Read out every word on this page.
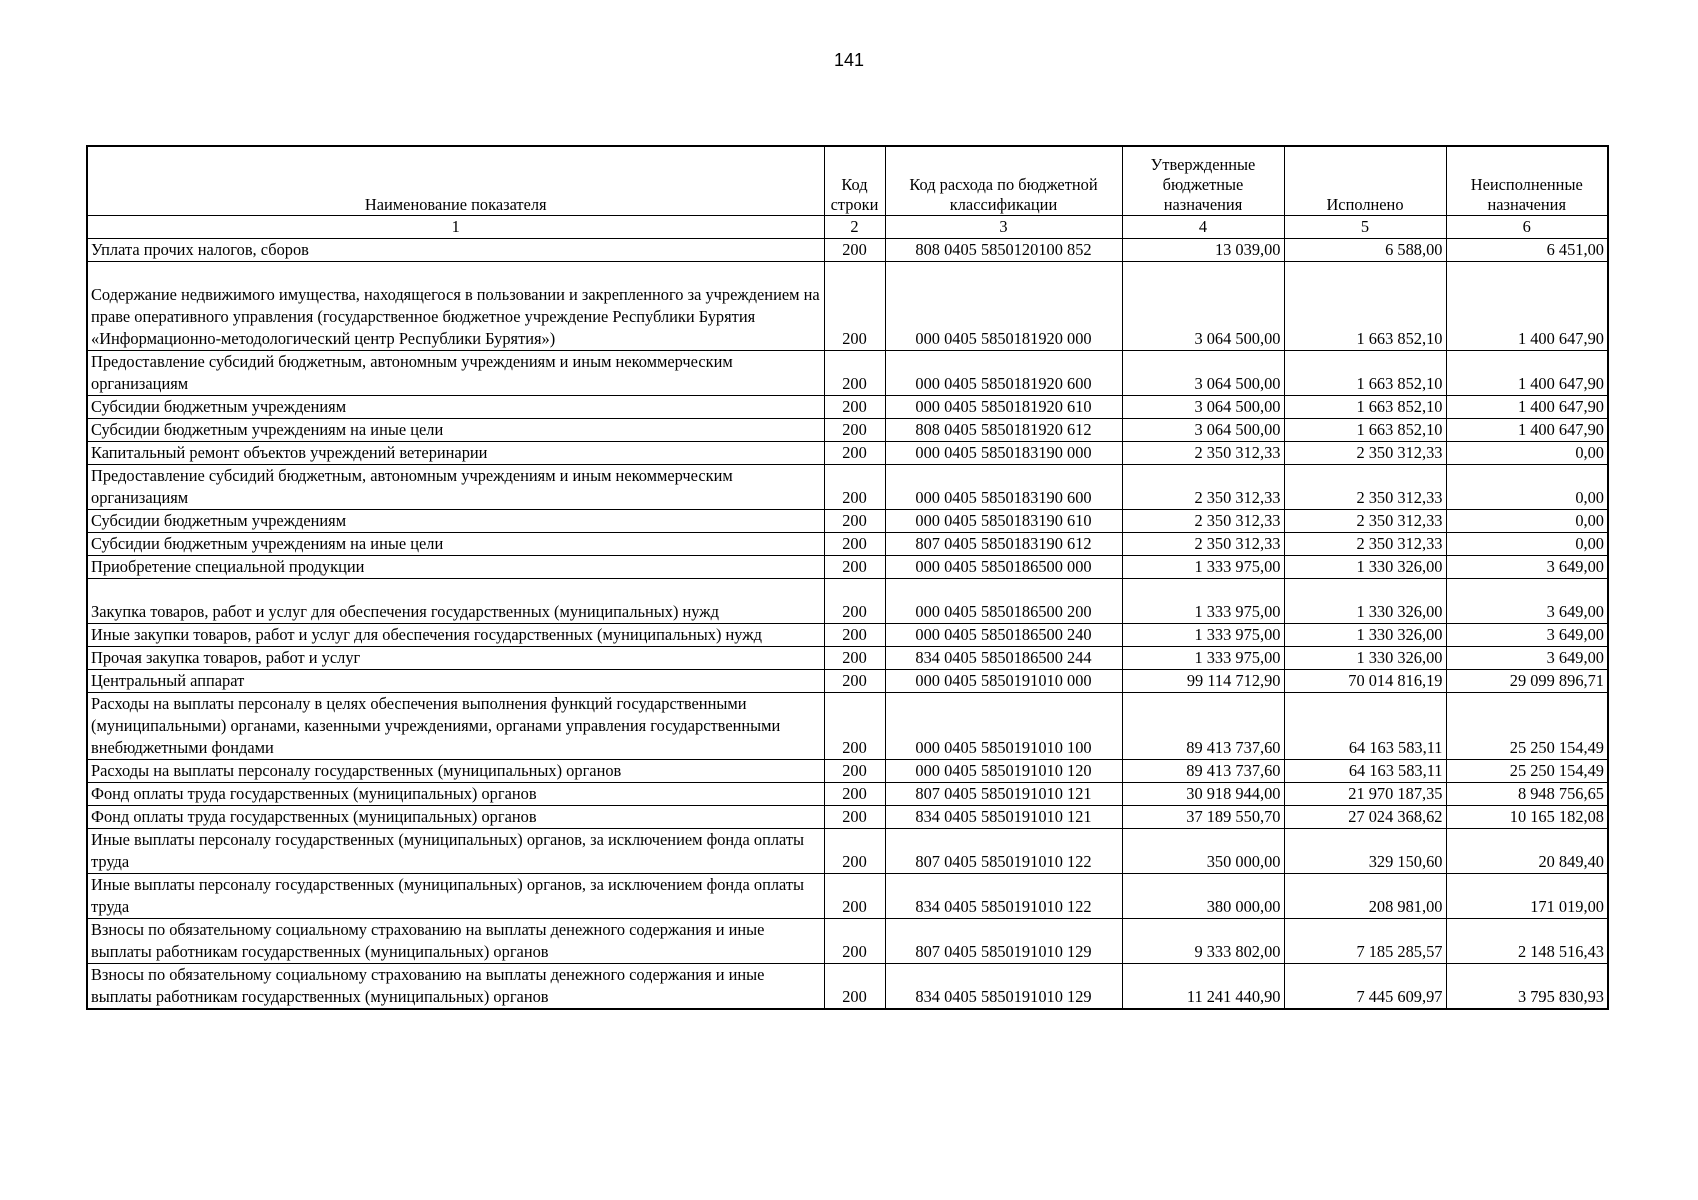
141
Наименование показателя	Код строки	Код расхода по бюджетной классификации	Утвержденные бюджетные назначения	Исполнено	Неисполненные назначения
1	2	3	4	5	6
Уплата прочих налогов, сборов	200	808 0405 5850120100 852	13 039,00	6 588,00	6 451,00

Содержание недвижимого имущества, находящегося в пользовании и закрепленного за учреждением на праве оперативного управления (государственное бюджетное учреждение Республики Бурятия «Информационно-методологический центр Республики Бурятия»)	200	000 0405 5850181920 000	3 064 500,00	1 663 852,10	1 400 647,90
Предоставление субсидий бюджетным, автономным учреждениям и иным некоммерческим организациям	200	000 0405 5850181920 600	3 064 500,00	1 663 852,10	1 400 647,90
Субсидии бюджетным учреждениям	200	000 0405 5850181920 610	3 064 500,00	1 663 852,10	1 400 647,90
Субсидии бюджетным учреждениям на иные цели	200	808 0405 5850181920 612	3 064 500,00	1 663 852,10	1 400 647,90
Капитальный ремонт объектов учреждений ветеринарии	200	000 0405 5850183190 000	2 350 312,33	2 350 312,33	0,00
Предоставление субсидий бюджетным, автономным учреждениям и иным некоммерческим организациям	200	000 0405 5850183190 600	2 350 312,33	2 350 312,33	0,00
Субсидии бюджетным учреждениям	200	000 0405 5850183190 610	2 350 312,33	2 350 312,33	0,00
Субсидии бюджетным учреждениям на иные цели	200	807 0405 5850183190 612	2 350 312,33	2 350 312,33	0,00
Приобретение специальной продукции	200	000 0405 5850186500 000	1 333 975,00	1 330 326,00	3 649,00

Закупка товаров, работ и услуг для обеспечения государственных (муниципальных) нужд	200	000 0405 5850186500 200	1 333 975,00	1 330 326,00	3 649,00
Иные закупки товаров, работ и услуг для обеспечения государственных (муниципальных) нужд	200	000 0405 5850186500 240	1 333 975,00	1 330 326,00	3 649,00
Прочая закупка товаров, работ и услуг	200	834 0405 5850186500 244	1 333 975,00	1 330 326,00	3 649,00
Центральный аппарат	200	000 0405 5850191010 000	99 114 712,90	70 014 816,19	29 099 896,71
Расходы на выплаты персоналу в целях обеспечения выполнения функций государственными (муниципальными) органами, казенными учреждениями, органами управления государственными внебюджетными фондами	200	000 0405 5850191010 100	89 413 737,60	64 163 583,11	25 250 154,49
Расходы на выплаты персоналу государственных (муниципальных) органов	200	000 0405 5850191010 120	89 413 737,60	64 163 583,11	25 250 154,49
Фонд оплаты труда государственных (муниципальных) органов	200	807 0405 5850191010 121	30 918 944,00	21 970 187,35	8 948 756,65
Фонд оплаты труда государственных (муниципальных) органов	200	834 0405 5850191010 121	37 189 550,70	27 024 368,62	10 165 182,08
Иные выплаты персоналу государственных (муниципальных) органов, за исключением фонда оплаты труда	200	807 0405 5850191010 122	350 000,00	329 150,60	20 849,40
Иные выплаты персоналу государственных (муниципальных) органов, за исключением фонда оплаты труда	200	834 0405 5850191010 122	380 000,00	208 981,00	171 019,00
Взносы по обязательному социальному страхованию на выплаты денежного содержания и иные выплаты работникам государственных (муниципальных) органов	200	807 0405 5850191010 129	9 333 802,00	7 185 285,57	2 148 516,43
Взносы по обязательному социальному страхованию на выплаты денежного содержания и иные выплаты работникам государственных (муниципальных) органов	200	834 0405 5850191010 129	11 241 440,90	7 445 609,97	3 795 830,93
